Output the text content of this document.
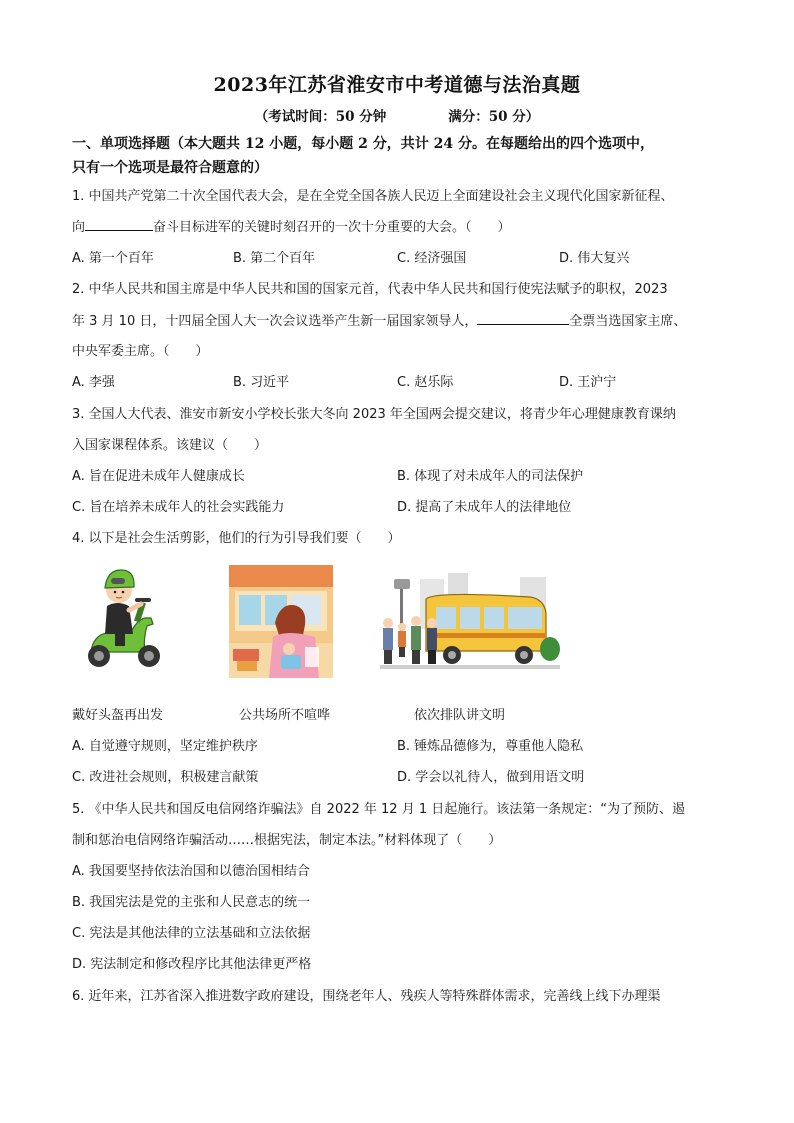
2023年江苏省淮安市中考道德与法治真题
（考试时间：50 分钟	满分：50 分）
一、单项选择题（本大题共 12 小题，每小题 2 分，共计 24 分。在每题给出的四个选项中，
只有一个选项是最符合题意的）
1. 中国共产党第二十次全国代表大会，是在全党全国各族人民迈上全面建设社会主义现代化国家新征程、
向	奋斗目标进军的关键时刻召开的一次十分重要的大会。（　　）
A. 第一个百年	B. 第二个百年	C. 经济强国	D. 伟大复兴
2. 中华人民共和国主席是中华人民共和国的国家元首，代表中华人民共和国行使宪法赋予的职权，2023
年 3 月 10 日，十四届全国人大一次会议选举产生新一届国家领导人，	全票当选国家主席、
中央军委主席。（　　）
A. 李强	B. 习近平	C. 赵乐际	D. 王沪宁
3. 全国人大代表、淮安市新安小学校长张大冬向 2023 年全国两会提交建议，将青少年心理健康教育课纳
入国家课程体系。该建议（　　）
A. 旨在促进未成年人健康成长	B. 体现了对未成年人的司法保护
C. 旨在培养未成年人的社会实践能力	D. 提高了未成年人的法律地位
4. 以下是社会生活剪影，他们的行为引导我们要（　　）
戴好头盔再出发	公共场所不喧哗	依次排队讲文明
A. 自觉遵守规则，坚定维护秩序	B. 锤炼品德修为，尊重他人隐私
C. 改进社会规则，积极建言献策	D. 学会以礼待人，做到用语文明
5. 《中华人民共和国反电信网络诈骗法》自 2022 年 12 月 1 日起施行。该法第一条规定：“为了预防、遏
制和惩治电信网络诈骗活动……根据宪法，制定本法。”材料体现了（　　）
A. 我国要坚持依法治国和以德治国相结合
B. 我国宪法是党的主张和人民意志的统一
C. 宪法是其他法律的立法基础和立法依据
D. 宪法制定和修改程序比其他法律更严格
6. 近年来，江苏省深入推进数字政府建设，围绕老年人、残疾人等特殊群体需求，完善线上线下办理渠
